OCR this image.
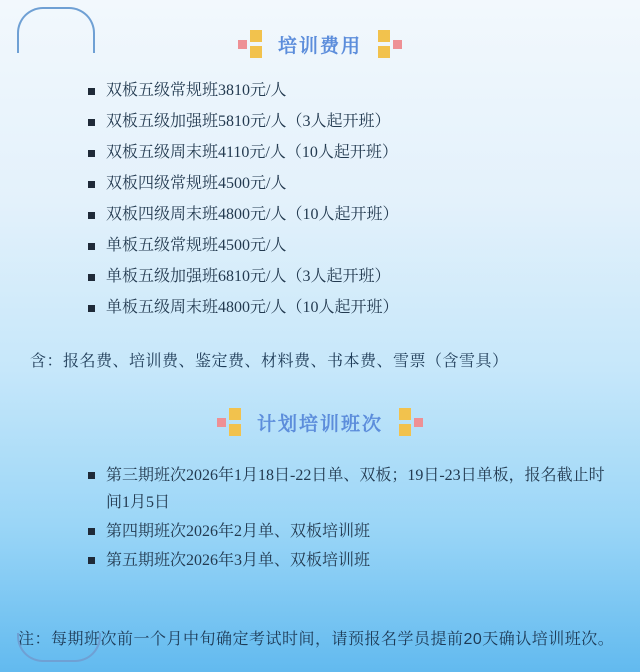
培训费用
双板五级常规班3810元/人
双板五级加强班5810元/人（3人起开班）
双板五级周末班4110元/人（10人起开班）
双板四级常规班4500元/人
双板四级周末班4800元/人（10人起开班）
单板五级常规班4500元/人
单板五级加强班6810元/人（3人起开班）
单板五级周末班4800元/人（10人起开班）

含：报名费、培训费、鉴定费、材料费、书本费、雪票（含雪具）

计划培训班次
第三期班次2026年1月18日-22日单、双板；19日-23日单板，报名截止时间1月5日
第四期班次2026年2月单、双板培训班
第五期班次2026年3月单、双板培训班

注：每期班次前一个月中旬确定考试时间，请预报名学员提前20天确认培训班次。
